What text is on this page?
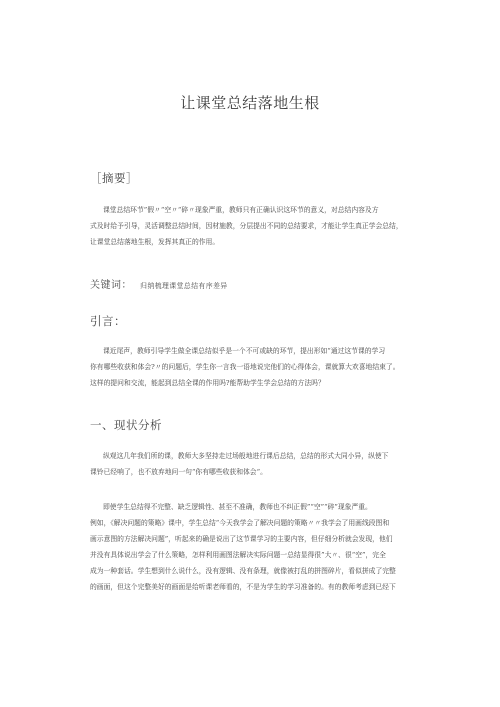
让课堂总结落地生根
［摘要］
课堂总结环节”假〃“空〃“碎〃现象严重，教师只有正确认识这环节的意义，对总结内容及方
式及时给予引导，灵活调整总结时间，因材施教，分层提出不同的总结要求，才能让学生真正学会总结，
让课堂总结落地生根，发挥其真正的作用。
关键词： 归纳梳理课堂总结有序差异
引言：
课近尾声，教师引导学生做全课总结似乎是一个不可或缺的环节，提出形如“通过这节课的学习
你有哪些收获和体会?〃的问题后，学生你一言我一语地说完他们的心得体会，课就算大欢喜地结束了。
这样的提问和交流，能起到总结全课的作用吗?能帮助学生学会总结的方法吗？
一、现状分析
纵观这几年我们所的课，教师大多坚持走过场般地进行课后总结，总结的形式大同小异，纵使下
课铃已经响了，也不放弃地问一句“你有哪些收获和体会“。
即使学生总结得不完整、缺乏逻辑性、甚至不准确，教师也不纠正假”“空”“碎”现象严重。
例如，《解决问题的策略》课中，学生总结“今天我学会了解决问题的策略〃〃我学会了用画线段图和
画示意图的方法解决问题”，听起来的确是说出了这节课学习的主要内容，但仔细分析就会发现，他们
并没有具体说出学会了什么策略，怎样利用画图法解决实际问题一总结显得很”大〃、很“空”，完全
成为一种套话。学生想到什么说什么，没有逻辑、没有条理，就像被打乱的拼图碎片，看似拼成了完整
的画面，但这个完整美好的画面是给听课老师看的，不是为学生的学习准备的。有的教师考虑到已经下
